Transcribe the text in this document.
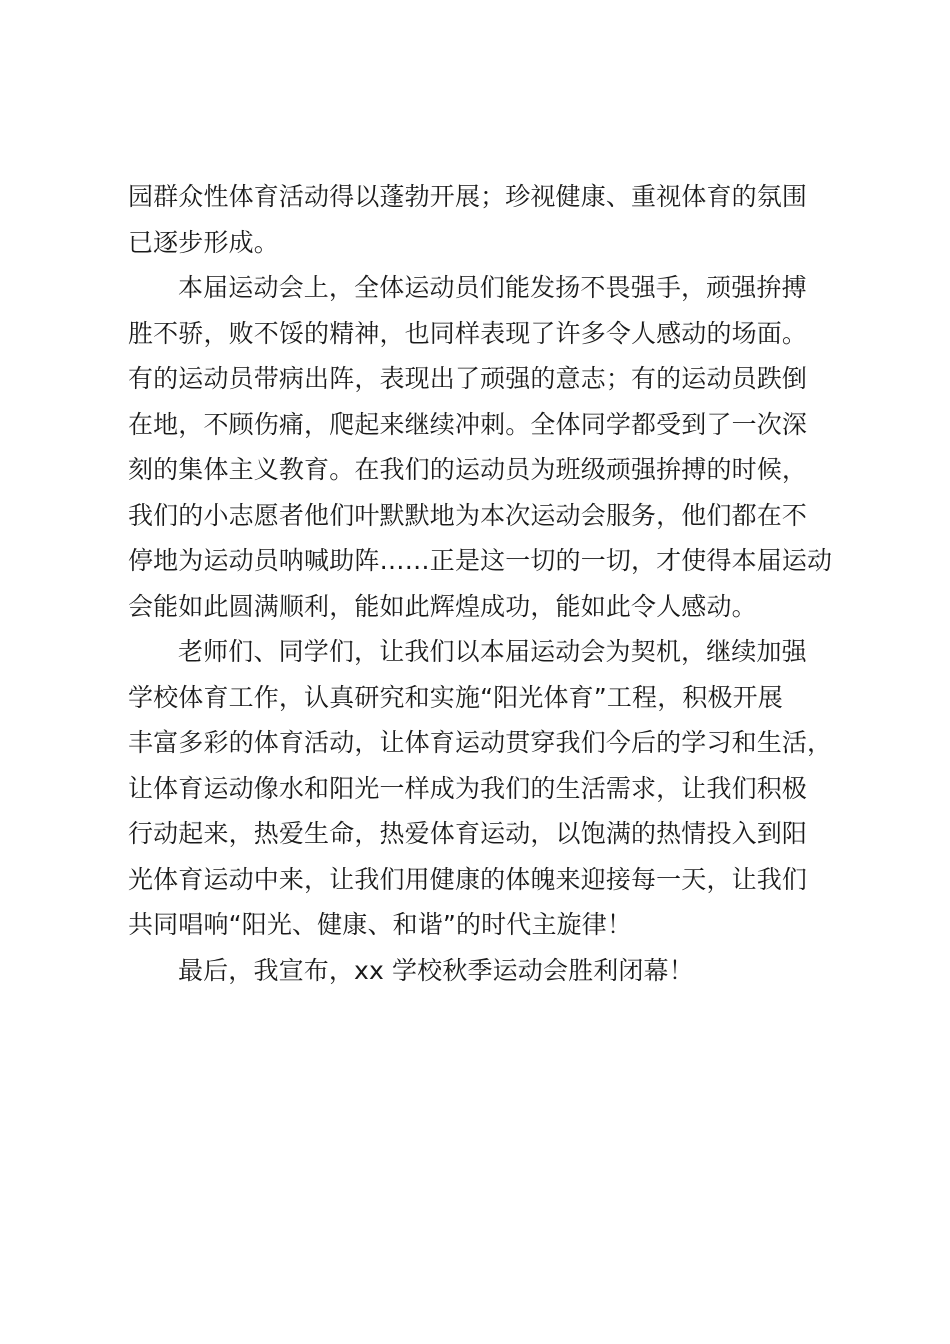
园群众性体育活动得以蓬勃开展；珍视健康、重视体育的氛围
已逐步形成。
本届运动会上，全体运动员们能发扬不畏强手，顽强拚搏
胜不骄，败不馁的精神，也同样表现了许多令人感动的场面。
有的运动员带病出阵，表现出了顽强的意志；有的运动员跌倒
在地，不顾伤痛，爬起来继续冲刺。全体同学都受到了一次深
刻的集体主义教育。在我们的运动员为班级顽强拚搏的时候，
我们的小志愿者他们叶默默地为本次运动会服务，他们都在不
停地为运动员呐喊助阵……正是这一切的一切，才使得本届运动
会能如此圆满顺利，能如此辉煌成功，能如此令人感动。
老师们、同学们，让我们以本届运动会为契机，继续加强
学校体育工作，认真研究和实施“阳光体育”工程，积极开展
丰富多彩的体育活动，让体育运动贯穿我们今后的学习和生活，
让体育运动像水和阳光一样成为我们的生活需求，让我们积极
行动起来，热爱生命，热爱体育运动，以饱满的热情投入到阳
光体育运动中来，让我们用健康的体魄来迎接每一天，让我们
共同唱响“阳光、健康、和谐”的时代主旋律！
最后，我宣布，xx 学校秋季运动会胜利闭幕！
